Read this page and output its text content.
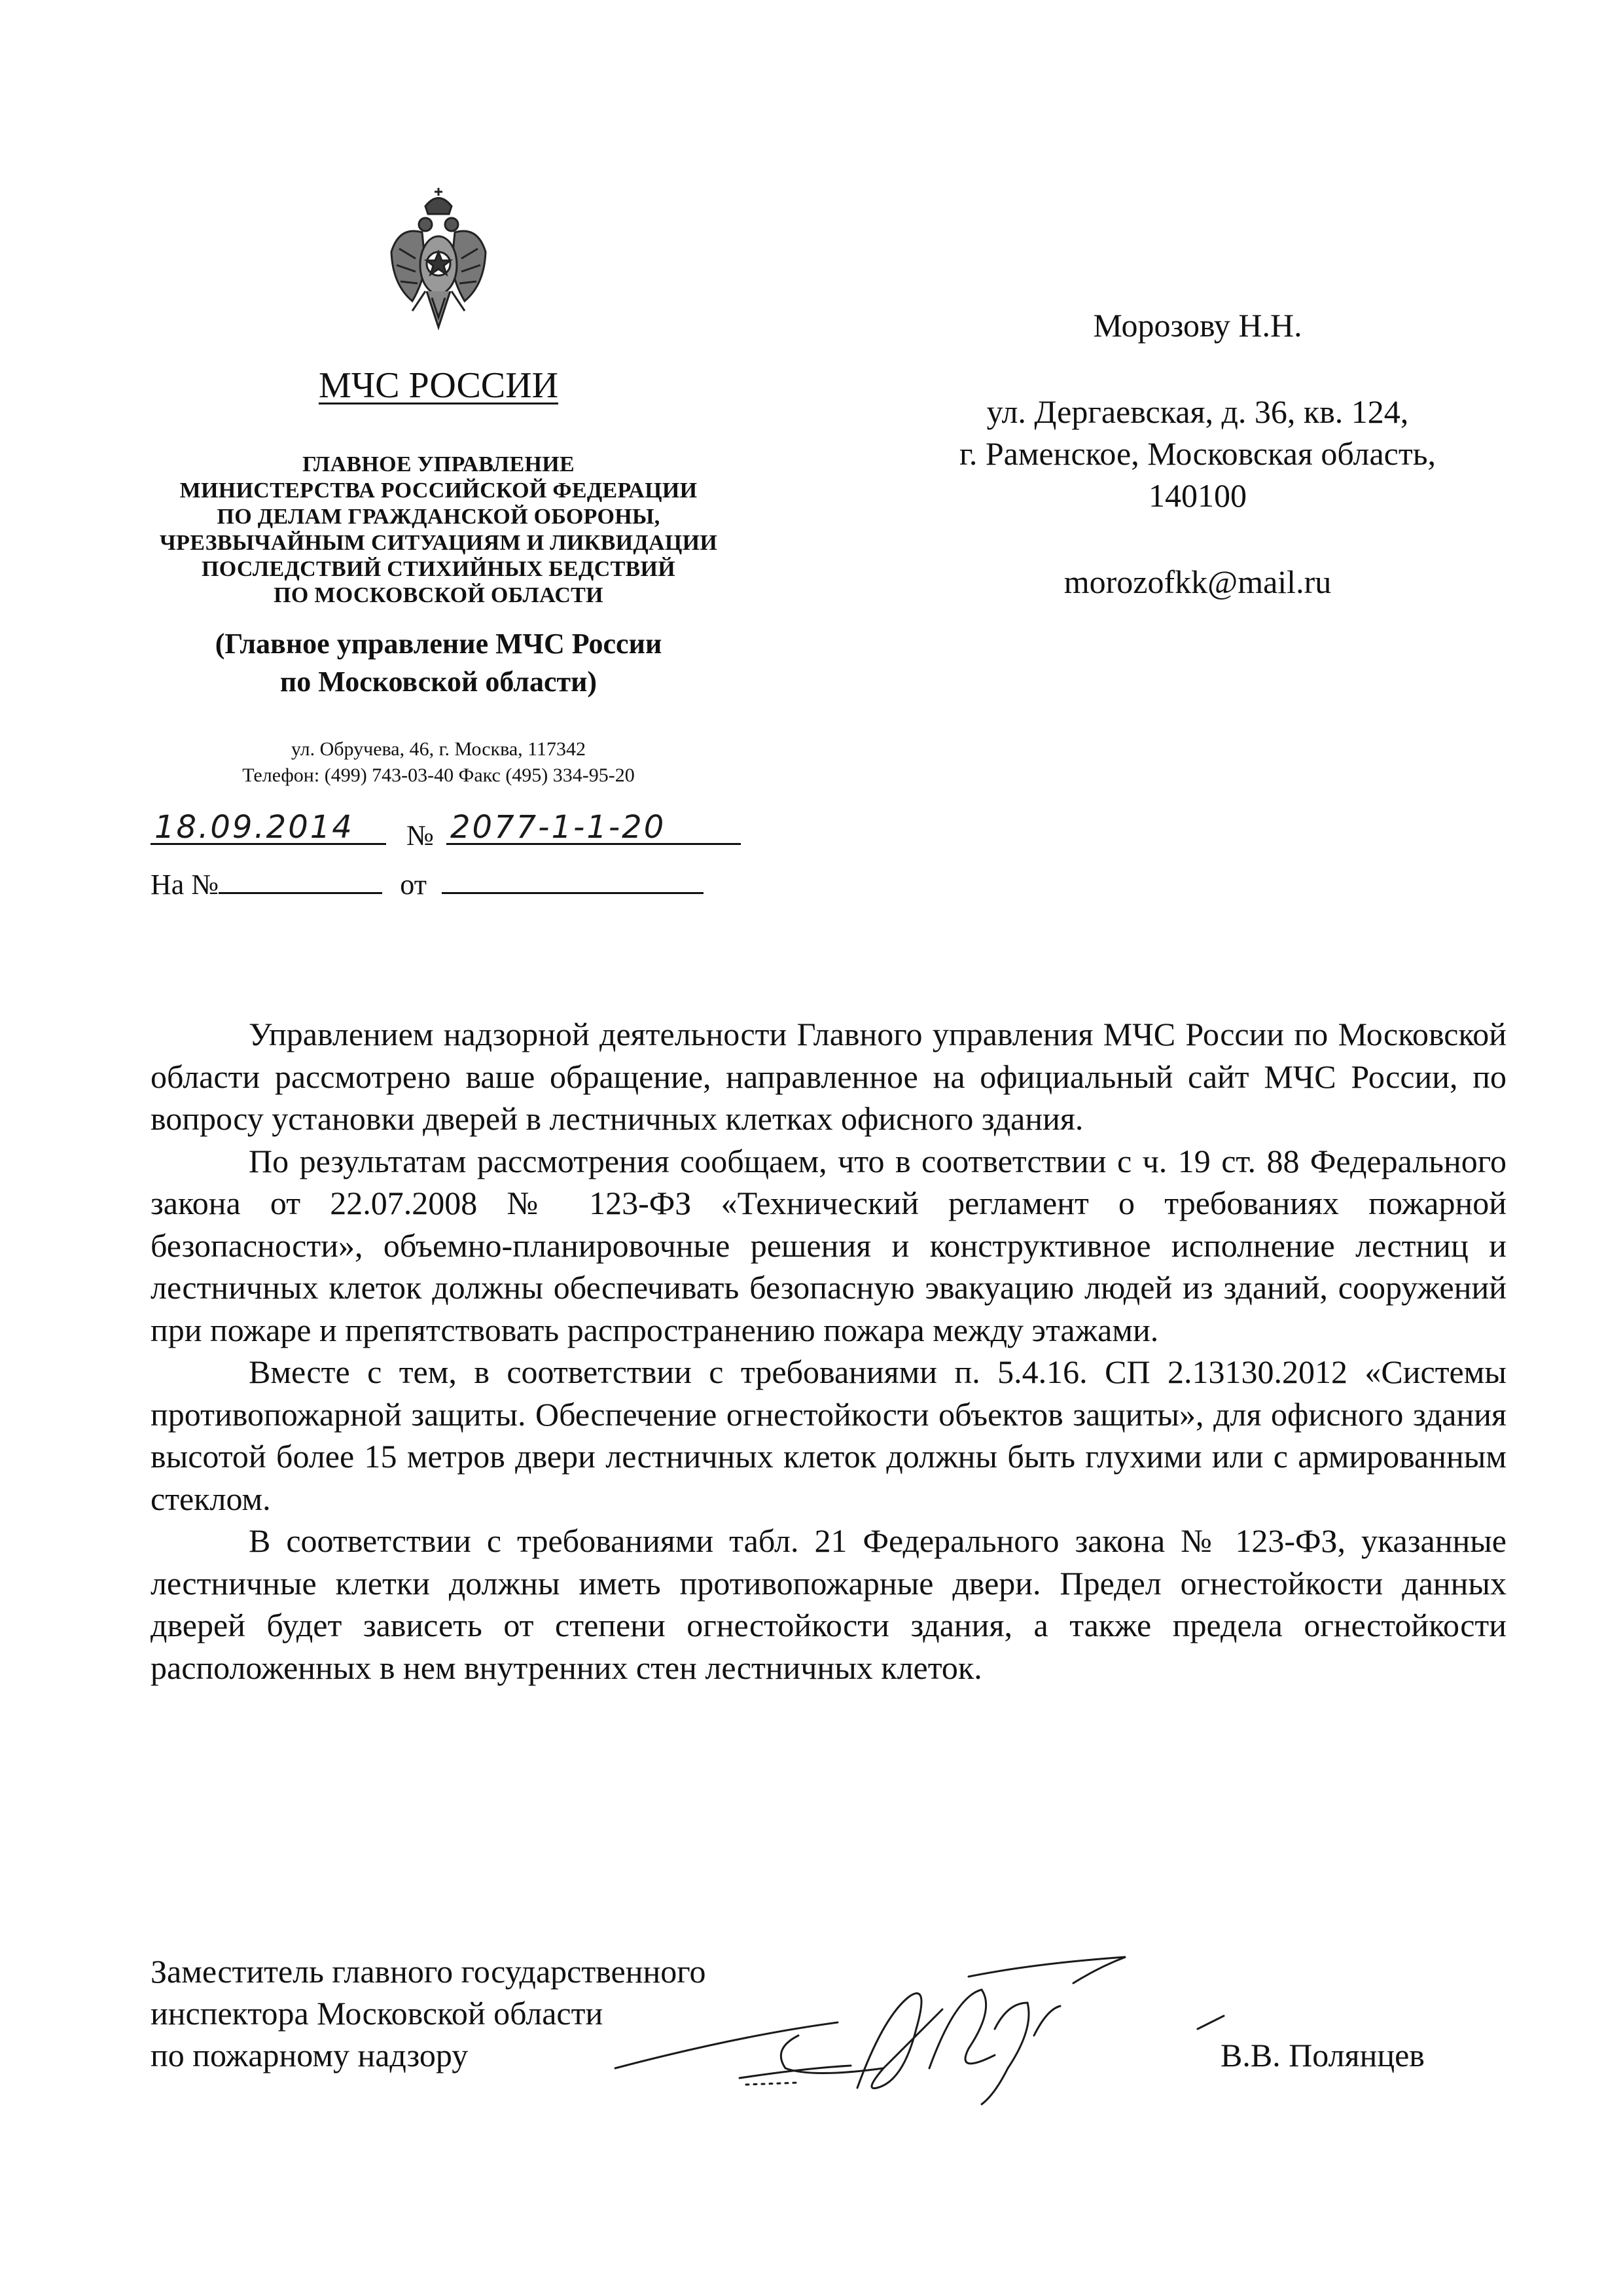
МЧС РОССИИ
ГЛАВНОЕ УПРАВЛЕНИЕ
МИНИСТЕРСТВА РОССИЙСКОЙ ФЕДЕРАЦИИ
ПО ДЕЛАМ ГРАЖДАНСКОЙ ОБОРОНЫ,
ЧРЕЗВЫЧАЙНЫМ СИТУАЦИЯМ И ЛИКВИДАЦИИ
ПОСЛЕДСТВИЙ СТИХИЙНЫХ БЕДСТВИЙ
ПО МОСКОВСКОЙ ОБЛАСТИ
(Главное управление МЧС России
по Московской области)
ул. Обручева, 46, г. Москва, 117342
Телефон: (499) 743-03-40 Факс (495) 334-95-20
18.09.2014 № 2077-1-1-20
На №	от
Морозову Н.Н.
ул. Дергаевская, д. 36, кв. 124,
г. Раменское, Московская область,
140100
morozofkk@mail.ru

Управлением надзорной деятельности Главного управления МЧС России по Московской области рассмотрено ваше обращение, направленное на официальный сайт МЧС России, по вопросу установки дверей в лестничных клетках офисного здания.

По результатам рассмотрения сообщаем, что в соответствии с ч. 19 ст. 88 Федерального закона от 22.07.2008 № 123-ФЗ «Технический регламент о требованиях пожарной безопасности», объемно-планировочные решения и конструктивное исполнение лестниц и лестничных клеток должны обеспечивать безопасную эвакуацию людей из зданий, сооружений при пожаре и препятствовать распространению пожара между этажами.

Вместе с тем, в соответствии с требованиями п. 5.4.16. СП 2.13130.2012 «Системы противопожарной защиты. Обеспечение огнестойкости объектов защиты», для офисного здания высотой более 15 метров двери лестничных клеток должны быть глухими или с армированным стеклом.

В соответствии с требованиями табл. 21 Федерального закона № 123-ФЗ, указанные лестничные клетки должны иметь противопожарные двери. Предел огнестойкости данных дверей будет зависеть от степени огнестойкости здания, а также предела огнестойкости расположенных в нем внутренних стен лестничных клеток.

Заместитель главного государственного
инспектора Московской области
по пожарному надзору	В.В. Полянцев
